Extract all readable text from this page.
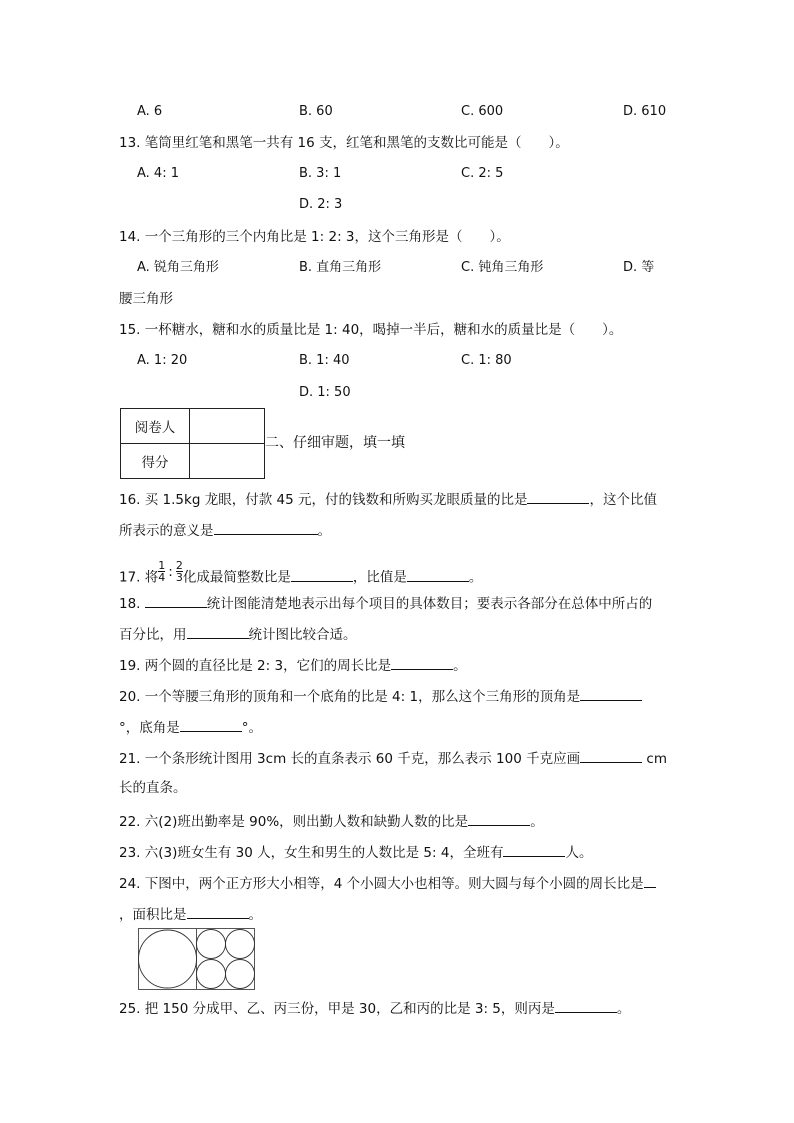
A. 6	B. 60	C. 600	D. 610
13. 笔筒里红笔和黑笔一共有 16 支，红笔和黑笔的支数比可能是（　　）。
A. 4: 1	B. 3: 1	C. 2: 5
D. 2: 3
14. 一个三角形的三个内角比是 1: 2: 3，这个三角形是（　　）。
A. 锐角三角形	B. 直角三角形	C. 钝角三角形	D. 等
腰三角形
15. 一杯糖水，糖和水的质量比是 1: 40，喝掉一半后，糖和水的质量比是（　　）。
A. 1: 20	B. 1: 40	C. 1: 80
D. 1: 50
阅卷人	
得分	
二、仔细审题，填一填
16. 买 1.5kg 龙眼，付款 45 元，付的钱数和所购买龙眼质量的比是	，这个比值
所表示的意义是	。
17. 将 $\frac{1}{4}$ : $\frac{2}{3}$ 化成最简整数比是	，比值是	。
18.	统计图能清楚地表示出每个项目的具体数目；要表示各部分在总体中所占的
百分比，用	统计图比较合适。
19. 两个圆的直径比是 2: 3，它们的周长比是	。
20. 一个等腰三角形的顶角和一个底角的比是 4: 1，那么这个三角形的顶角是
°，底角是	°。
21. 一个条形统计图用 3cm 长的直条表示 60 千克，那么表示 100 千克应画	cm
长的直条。
22. 六(2)班出勤率是 90%，则出勤人数和缺勤人数的比是	。
23. 六(3)班女生有 30 人，女生和男生的人数比是 5: 4，全班有	人。
24. 下图中，两个正方形大小相等，4 个小圆大小也相等。则大圆与每个小圆的周长比是
，面积比是	。
25. 把 150 分成甲、乙、丙三份，甲是 30，乙和丙的比是 3: 5，则丙是	。
